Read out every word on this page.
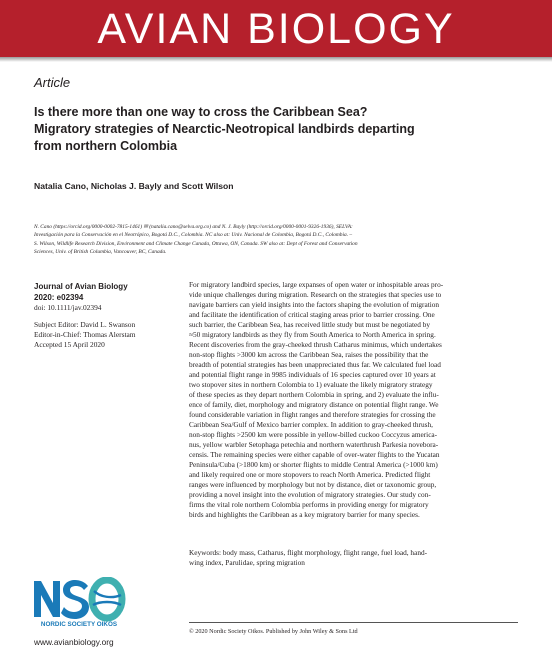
AVIAN BIOLOGY
Article
Is there more than one way to cross the Caribbean Sea?
Migratory strategies of Nearctic-Neotropical landbirds departing
from northern Colombia
Natalia Cano, Nicholas J. Bayly and Scott Wilson
N. Cano (https://orcid.org/0000-0002-7815-1461) ✉ (natalia.cano@selva.org.co) and N. J. Bayly (http://orcid.org/0000-0001-9326-1936), SELVA:
Investigación para la Conservación en el Neotrópico, Bogotá D.C., Colombia. NC also at: Univ. Nacional de Colombia, Bogotá D.C., Colombia. –
S. Wilson, Wildlife Research Division, Environment and Climate Change Canada, Ottawa, ON, Canada. SW also at: Dept of Forest and Conservation
Sciences, Univ. of British Columbia, Vancouver, BC, Canada.
Journal of Avian Biology
2020: e02394
doi: 10.1111/jav.02394
Subject Editor: David L. Swanson
Editor-in-Chief: Thomas Alerstam
Accepted 15 April 2020
For migratory landbird species, large expanses of open water or inhospitable areas pro-
vide unique challenges during migration. Research on the strategies that species use to
navigate barriers can yield insights into the factors shaping the evolution of migration
and facilitate the identification of critical staging areas prior to barrier crossing. One
such barrier, the Caribbean Sea, has received little study but must be negotiated by
≈50 migratory landbirds as they fly from South America to North America in spring.
Recent discoveries from the gray-cheeked thrush Catharus minimus, which undertakes
non-stop flights >3000 km across the Caribbean Sea, raises the possibility that the
breadth of potential strategies has been unappreciated thus far. We calculated fuel load
and potential flight range in 9985 individuals of 16 species captured over 10 years at
two stopover sites in northern Colombia to 1) evaluate the likely migratory strategy
of these species as they depart northern Colombia in spring, and 2) evaluate the influ-
ence of family, diet, morphology and migratory distance on potential flight range. We
found considerable variation in flight ranges and therefore strategies for crossing the
Caribbean Sea/Gulf of Mexico barrier complex. In addition to gray-cheeked thrush,
non-stop flights >2500 km were possible in yellow-billed cuckoo Coccyzus america-
nus, yellow warbler Setophaga petechia and northern waterthrush Parkesia novebora-
censis. The remaining species were either capable of over-water flights to the Yucatan
Peninsula/Cuba (>1800 km) or shorter flights to middle Central America (>1000 km)
and likely required one or more stopovers to reach North America. Predicted flight
ranges were influenced by morphology but not by distance, diet or taxonomic group,
providing a novel insight into the evolution of migratory strategies. Our study con-
firms the vital role northern Colombia performs in providing energy for migratory
birds and highlights the Caribbean as a key migratory barrier for many species.
Keywords: body mass, Catharus, flight morphology, flight range, fuel load, hand-
wing index, Parulidae, spring migration
NORDIC SOCIETY OIKOS
www.avianbiology.org
© 2020 Nordic Society Oikos. Published by John Wiley & Sons Ltd
